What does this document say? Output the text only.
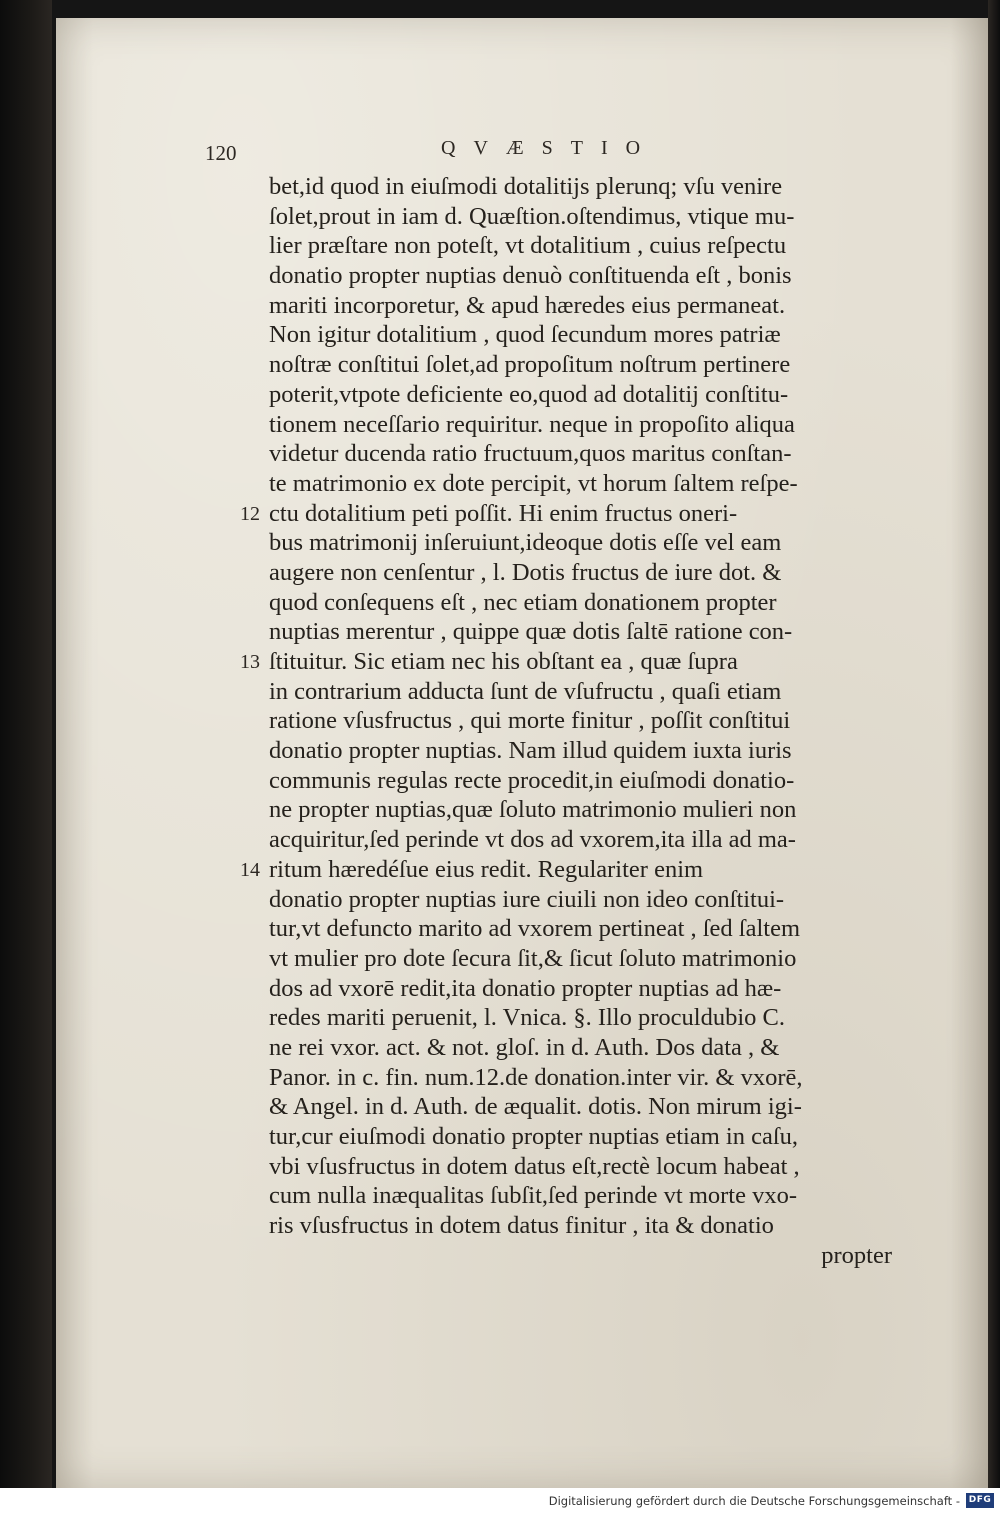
120	QVÆSTIO
bet,id quod in eiuſmodi dotalitijs plerunq; vſu venire
ſolet,prout in iam d. Quæſtion.oſtendimus, vtique mu-
lier præſtare non poteſt, vt dotalitium , cuius reſpectu
donatio propter nuptias denuò conſtituenda eſt , bonis
mariti incorporetur, & apud hæredes eius permaneat.
Non igitur dotalitium , quod ſecundum mores patriæ
noſtræ conſtitui ſolet,ad propoſitum noſtrum pertinere
poterit,vtpote deficiente eo,quod ad dotalitij conſtitu-
tionem neceſſario requiritur. neque in propoſito aliqua
videtur ducenda ratio fructuum,quos maritus conſtan-
te matrimonio ex dote percipit, vt horum ſaltem reſpe-
12 ctu dotalitium peti poſſit. Hi enim fructus oneri-
bus matrimonij inſeruiunt,ideoque dotis eſſe vel eam
augere non cenſentur , l. Dotis fructus de iure dot. &
quod conſequens eſt , nec etiam donationem propter
nuptias merentur , quippe quæ dotis ſaltē ratione con-
13 ſtituitur. Sic etiam nec his obſtant ea , quæ ſupra
in contrarium adducta ſunt de vſufructu , quaſi etiam
ratione vſusfructus , qui morte finitur , poſſit conſtitui
donatio propter nuptias. Nam illud quidem iuxta iuris
communis regulas recte procedit,in eiuſmodi donatio-
ne propter nuptias,quæ ſoluto matrimonio mulieri non
acquiritur,ſed perinde vt dos ad vxorem,ita illa ad ma-
14 ritum hæredéſue eius redit. Regulariter enim
donatio propter nuptias iure ciuili non ideo conſtitui-
tur,vt defuncto marito ad vxorem pertineat , ſed ſaltem
vt mulier pro dote ſecura ſit,& ſicut ſoluto matrimonio
dos ad vxorē redit,ita donatio propter nuptias ad hæ-
redes mariti peruenit, l. Vnica. §. Illo proculdubio C.
ne rei vxor. act. & not. gloſ. in d. Auth. Dos data , &
Panor. in c. fin. num.12.de donation.inter vir. & vxorē,
& Angel. in d. Auth. de æqualit. dotis. Non mirum igi-
tur,cur eiuſmodi donatio propter nuptias etiam in caſu,
vbi vſusfructus in dotem datus eſt,rectè locum habeat ,
cum nulla inæqualitas ſubſit,ſed perinde vt morte vxo-
ris vſusfructus in dotem datus finitur , ita & donatio
propter
Digitalisierung gefördert durch die Deutsche Forschungsgemeinschaft - DFG
